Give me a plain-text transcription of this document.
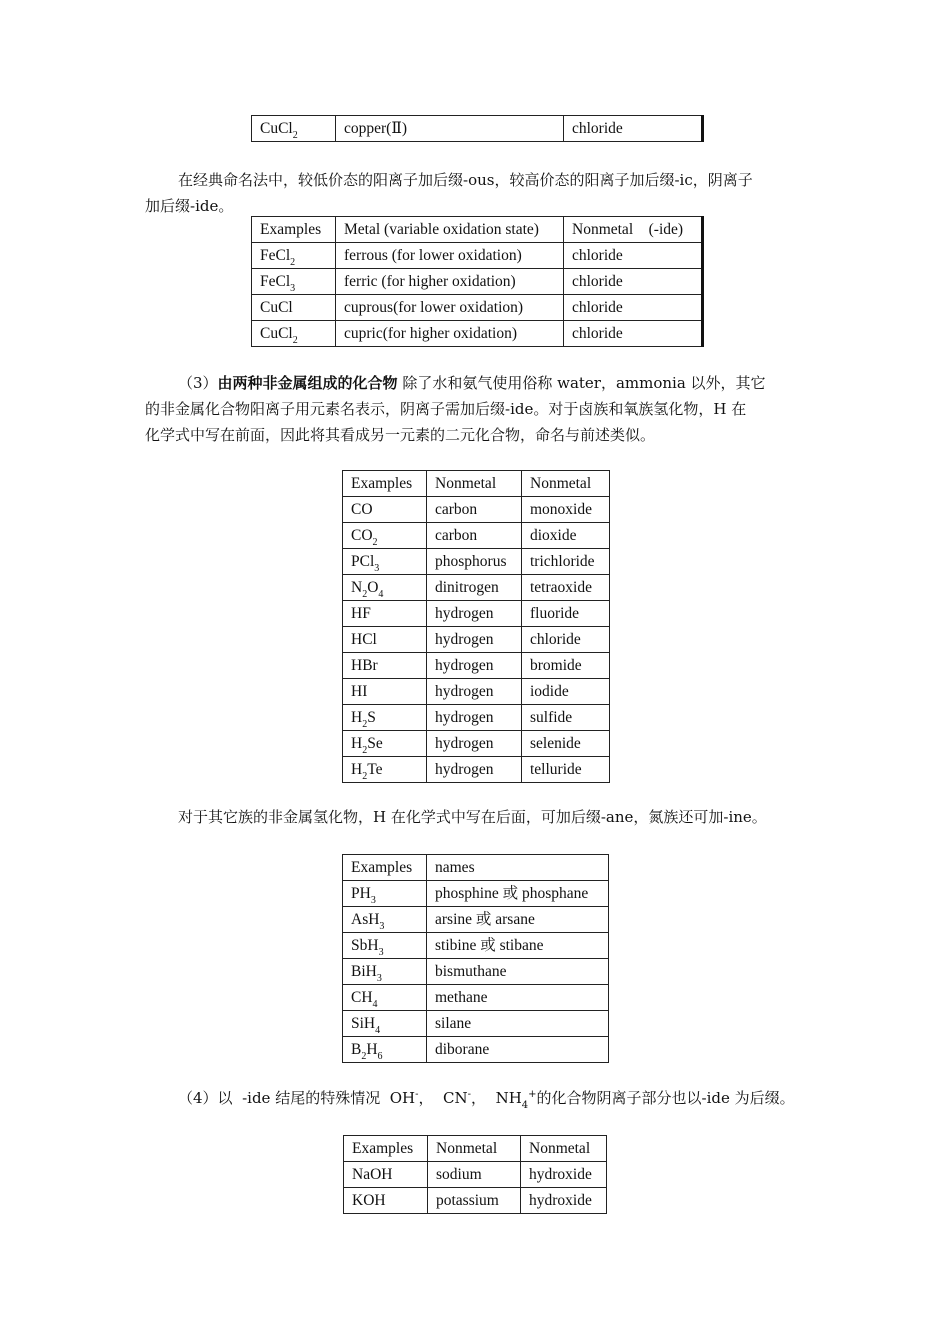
CuCl$_2$	copper(Ⅱ)	chloride
在经典命名法中，较低价态的阳离子加后缀-ous，较高价态的阳离子加后缀-ic，阴离子
加后缀-ide。
Examples	Metal (variable oxidation state)	Nonmetal    (-ide)
FeCl$_2$	ferrous (for lower oxidation)	chloride
FeCl$_3$	ferric (for higher oxidation)	chloride
CuCl	cuprous(for lower oxidation)	chloride
CuCl$_2$	cupric(for higher oxidation)	chloride
（3）由两种非金属组成的化合物 除了水和氨气使用俗称 water，ammonia 以外，其它
的非金属化合物阳离子用元素名表示，阴离子需加后缀-ide。对于卤族和氧族氢化物，H 在
化学式中写在前面，因此将其看成另一元素的二元化合物，命名与前述类似。
Examples	Nonmetal	Nonmetal
CO	carbon	monoxide
$CO_2$	carbon	dioxide
PCl$_3$	phosphorus	trichloride
$N_2O_4$	dinitrogen	tetraoxide
HF	hydrogen	fluoride
HCl	hydrogen	chloride
HBr	hydrogen	bromide
HI	hydrogen	iodide
$H_2S$	hydrogen	sulfide
$H_2Se$	hydrogen	selenide
$H_2Te$	hydrogen	telluride
对于其它族的非金属氢化物，H 在化学式中写在后面，可加后缀-ane，氮族还可加-ine。
Examples	names
$PH_3$	phosphine 或 phosphane
AsH$_3$	arsine 或 arsane
SbH$_3$	stibine 或 stibane
BiH$_3$	bismuthane
$CH_4$	methane
SiH$_4$	silane
$B_2H_6$	diborane
（4）以  -ide 结尾的特殊情况  OH-，  CN-，  $NH_4^+$的化合物阴离子部分也以-ide 为后缀。
Examples	Nonmetal	Nonmetal
NaOH	sodium	hydroxide
KOH	potassium	hydroxide
